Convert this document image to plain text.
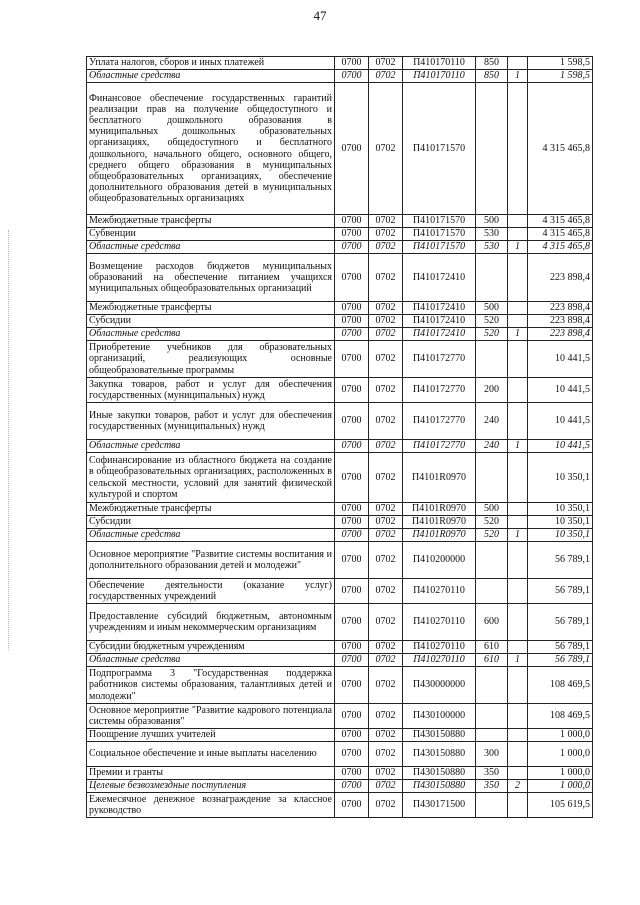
47
Уплата налогов, сборов и иных платежей	0700	0702	П410170110	850		1 598,5
Областные средства	0700	0702	П410170110	850	1	1 598,5
Финансовое обеспечение государственных гарантий реализации прав на получение общедоступного и бесплатного дошкольного образования в муниципальных дошкольных образовательных организациях, общедоступного и бесплатного дошкольного, начального общего, основного общего, среднего общего образования в муниципальных общеобразовательных организациях, обеспечение дополнительного образования детей в муниципальных общеобразовательных организациях	0700	0702	П410171570			4 315 465,8
Межбюджетные трансферты	0700	0702	П410171570	500		4 315 465,8
Субвенции	0700	0702	П410171570	530		4 315 465,8
Областные средства	0700	0702	П410171570	530	1	4 315 465,8
Возмещение расходов бюджетов муниципальных образований на обеспечение питанием учащихся муниципальных общеобразовательных организаций	0700	0702	П410172410			223 898,4
Межбюджетные трансферты	0700	0702	П410172410	500		223 898,4
Субсидии	0700	0702	П410172410	520		223 898,4
Областные средства	0700	0702	П410172410	520	1	223 898,4
Приобретение учебников для образовательных организаций, реализующих основные общеобразовательные программы	0700	0702	П410172770			10 441,5
Закупка товаров, работ и услуг для обеспечения государственных (муниципальных) нужд	0700	0702	П410172770	200		10 441,5
Иные закупки товаров, работ и услуг для обеспечения государственных (муниципальных) нужд	0700	0702	П410172770	240		10 441,5
Областные средства	0700	0702	П410172770	240	1	10 441,5
Софинансирование из областного бюджета на создание в общеобразовательных организациях, расположенных в сельской местности, условий для занятий физической культурой и спортом	0700	0702	П4101R0970			10 350,1
Межбюджетные трансферты	0700	0702	П4101R0970	500		10 350,1
Субсидии	0700	0702	П4101R0970	520		10 350,1
Областные средства	0700	0702	П4101R0970	520	1	10 350,1
Основное мероприятие "Развитие системы воспитания и дополнительного образования детей и молодежи"	0700	0702	П410200000			56 789,1
Обеспечение деятельности (оказание услуг) государственных учреждений	0700	0702	П410270110			56 789,1
Предоставление субсидий бюджетным, автономным учреждениям и иным некоммерческим организациям	0700	0702	П410270110	600		56 789,1
Субсидии бюджетным учреждениям	0700	0702	П410270110	610		56 789,1
Областные средства	0700	0702	П410270110	610	1	56 789,1
Подпрограмма 3 "Государственная поддержка работников системы образования, талантливых детей и молодежи"	0700	0702	П430000000			108 469,5
Основное мероприятие "Развитие кадрового потенциала системы образования"	0700	0702	П430100000			108 469,5
Поощрение лучших учителей	0700	0702	П430150880			1 000,0
Социальное обеспечение и иные выплаты населению	0700	0702	П430150880	300		1 000,0
Премии и гранты	0700	0702	П430150880	350		1 000,0
Целевые безвозмездные поступления	0700	0702	П430150880	350	2	1 000,0
Ежемесячное денежное вознаграждение за классное руководство	0700	0702	П430171500			105 619,5
